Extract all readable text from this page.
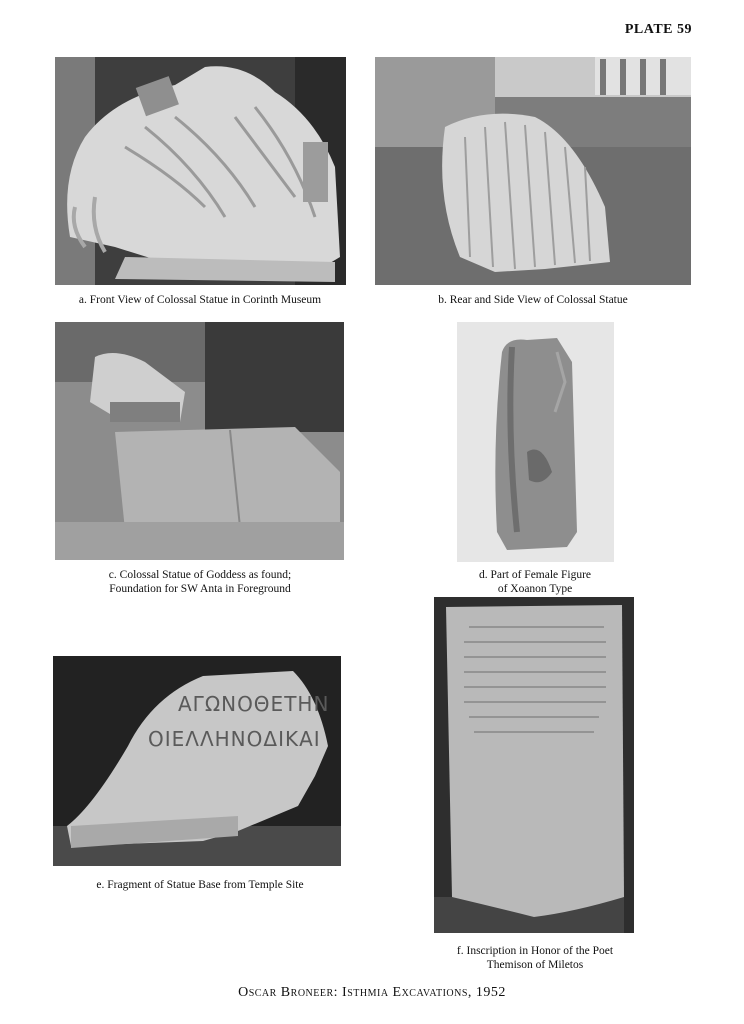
PLATE 59
a. Front View of Colossal Statue in Corinth Museum	b. Rear and Side View of Colossal Statue
c. Colossal Statue of Goddess as found;
Foundation for SW Anta in Foreground
d. Part of Female Figure
of Xoanon Type
ΑΓΩΝΟΘΕΤΗΝ
ΟΙΕΛΛΗΝΟΔΙΚΑΙ
e. Fragment of Statue Base from Temple Site
f. Inscription in Honor of the Poet
Themison of Miletos
Oscar Broneer: Isthmia Excavations, 1952
